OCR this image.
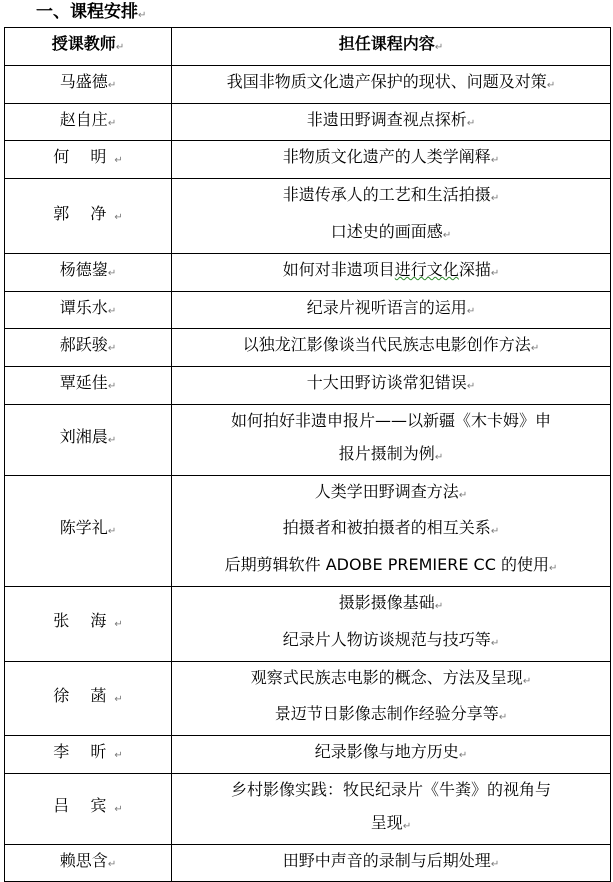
一、课程安排↵
授课教师↵	担任课程内容↵
马盛德↵	我国非物质文化遗产保护的现状、问题及对策↵

赵自庄↵	非遗田野调查视点探析↵

何 明↵	非物质文化遗产的人类学阐释↵

郭 净↵	非遗传承人的工艺和生活拍摄↵
口述史的画面感↵

杨德鋆↵	如何对非遗项目进行文化深描↵

谭乐水↵	纪录片视听语言的运用↵

郝跃骏↵	以独龙江影像谈当代民族志电影创作方法↵

覃延佳↵	十大田野访谈常犯错误↵

刘湘晨↵	如何拍好非遗申报片——以新疆《木卡姆》申
报片摄制为例↵

陈学礼↵	人类学田野调查方法↵
拍摄者和被拍摄者的相互关系↵
后期剪辑软件 ADOBE PREMIERE CC 的使用↵

张 海↵	摄影摄像基础↵
纪录片人物访谈规范与技巧等↵

徐 菡↵	观察式民族志电影的概念、方法及呈现↵
景迈节日影像志制作经验分享等↵

李 昕↵	纪录影像与地方历史↵

吕 宾↵	乡村影像实践：牧民纪录片《牛粪》的视角与
呈现↵

赖思含↵	田野中声音的录制与后期处理↵
